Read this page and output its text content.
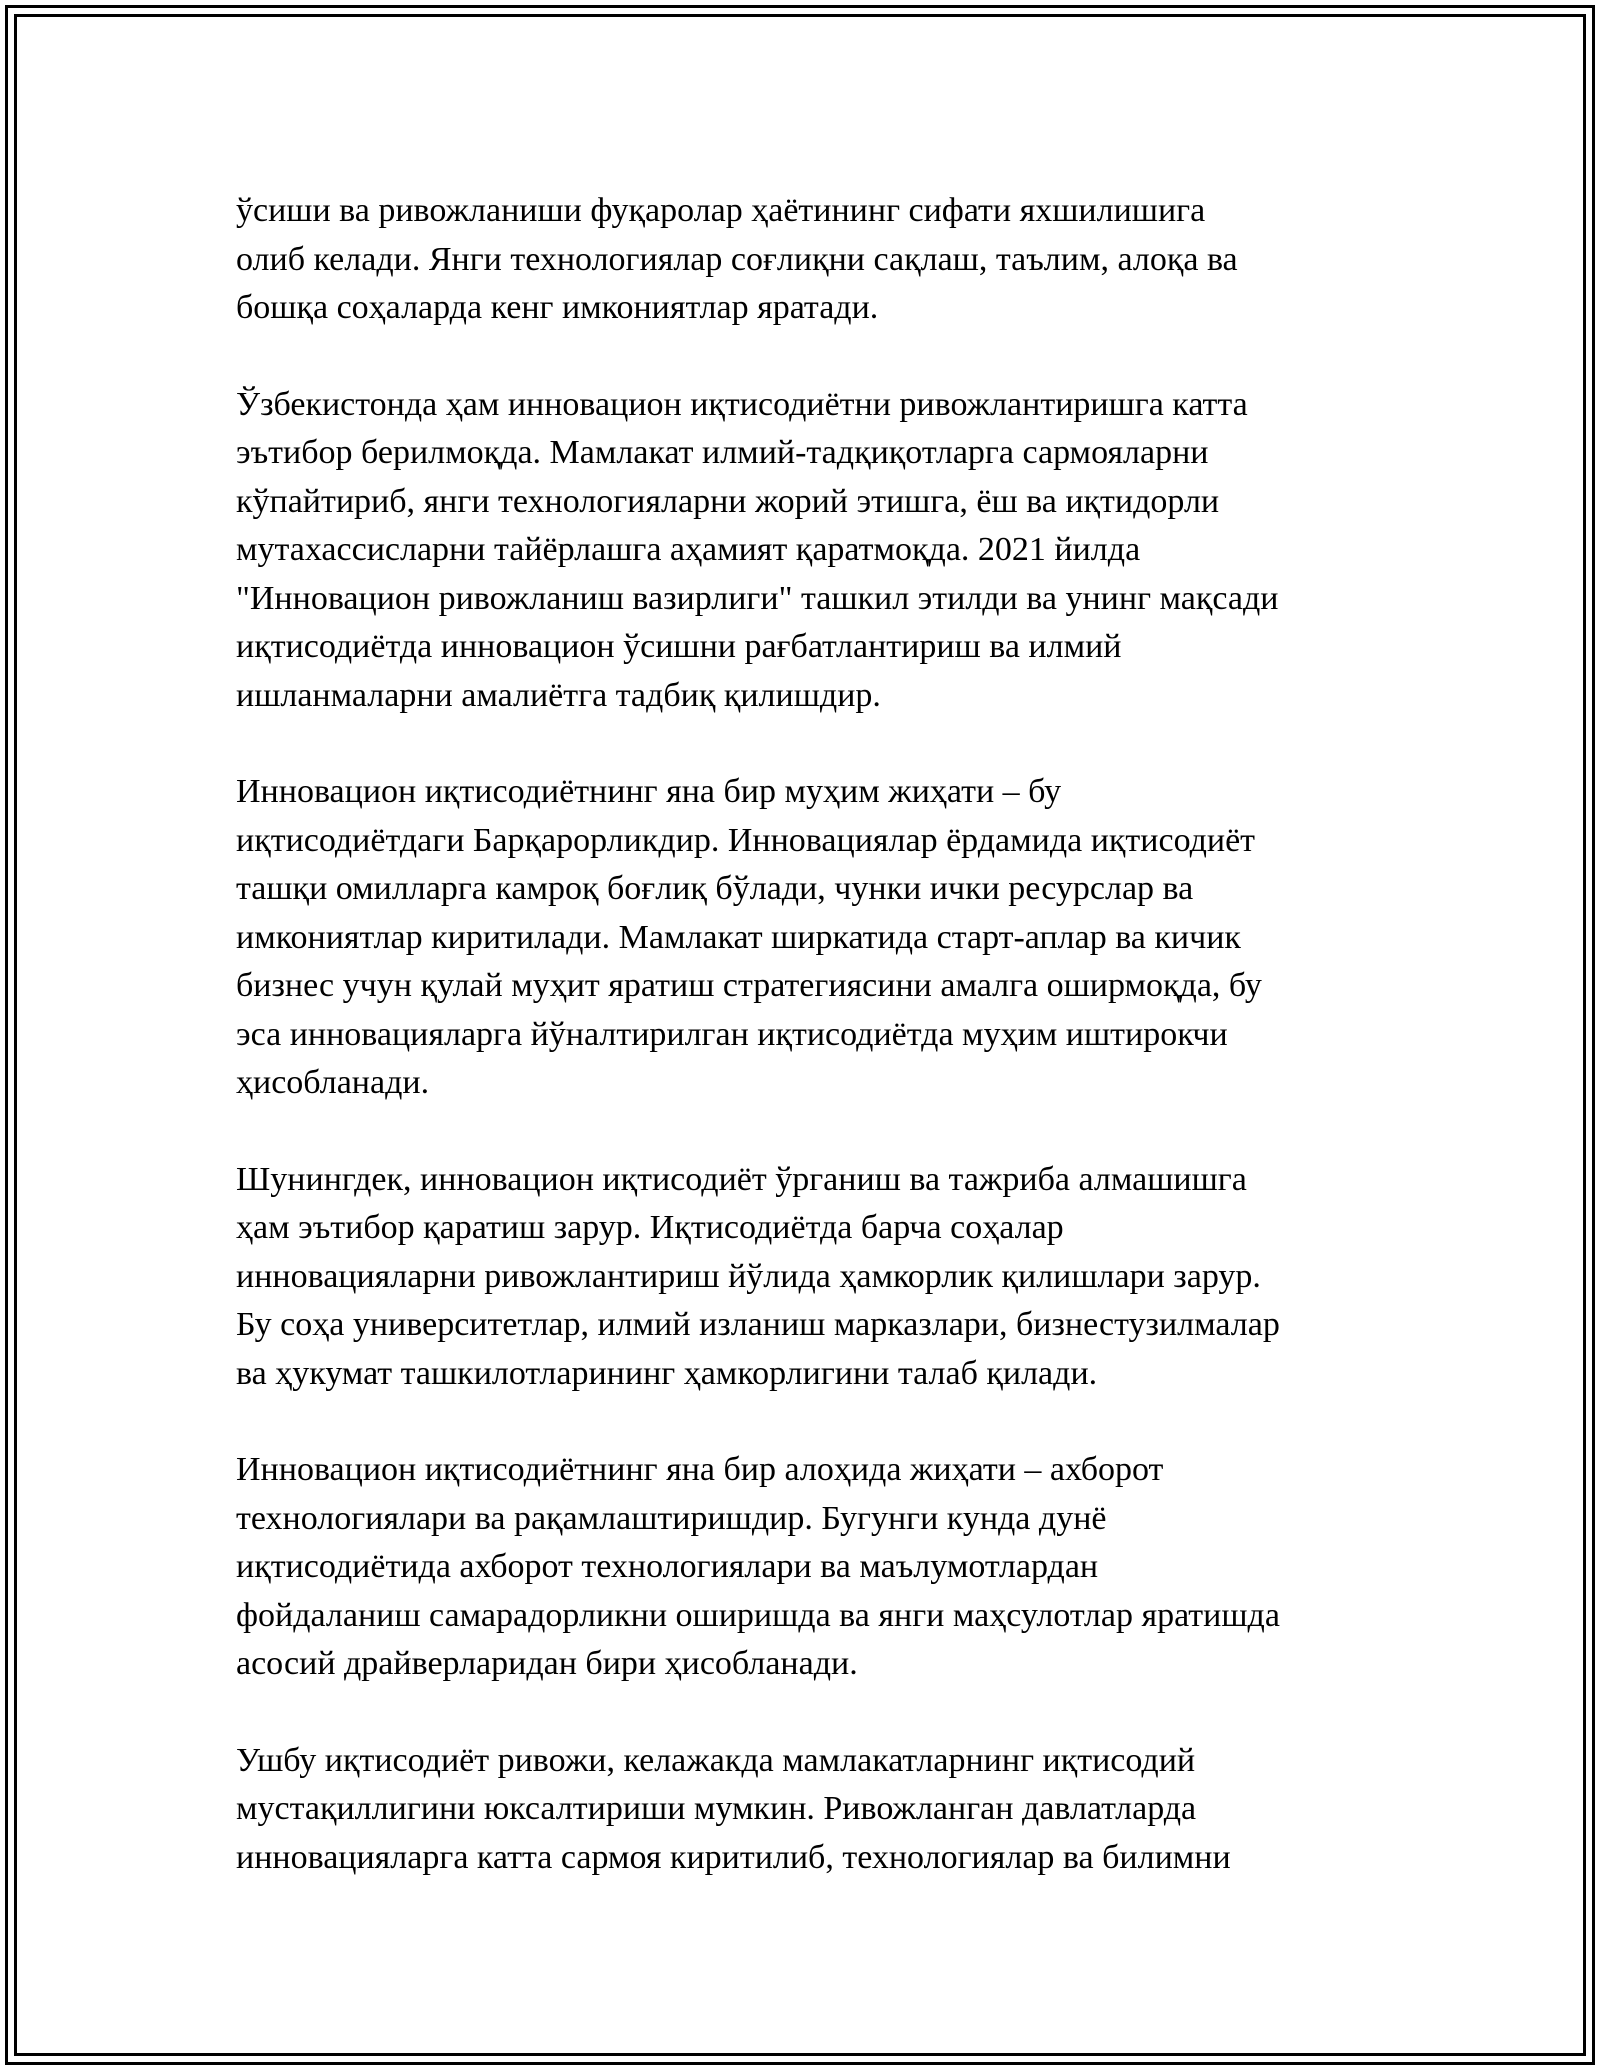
ўсиши ва ривожланиши фуқаролар ҳаётининг сифати яхшилишига
олиб келади. Янги технологиялар соғлиқни сақлаш, таълим, алоқа ва
бошқа соҳаларда кенг имкониятлар яратади.

Ўзбекистонда ҳам инновацион иқтисодиётни ривожлантиришга катта
эътибор берилмоқда. Мамлакат илмий-тадқиқотларга сармояларни
кўпайтириб, янги технологияларни жорий этишга, ёш ва иқтидорли
мутахассисларни тайёрлашга аҳамият қаратмоқда. 2021 йилда
"Инновацион ривожланиш вазирлиги" ташкил этилди ва унинг мақсади
иқтисодиётда инновацион ўсишни рағбатлантириш ва илмий
ишланмаларни амалиётга тадбиқ қилишдир.

Инновацион иқтисодиётнинг яна бир муҳим жиҳати – бу
иқтисодиётдаги Барқарорликдир. Инновациялар ёрдамида иқтисодиёт
ташқи омилларга камроқ боғлиқ бўлади, чунки ички ресурслар ва
имкониятлар киритилади. Мамлакат ширкатида старт-аплар ва кичик
бизнес учун қулай муҳит яратиш стратегиясини амалга оширмоқда, бу
эса инновацияларга йўналтирилган иқтисодиётда муҳим иштирокчи
ҳисобланади.

Шунингдек, инновацион иқтисодиёт ўрганиш ва тажриба алмашишга
ҳам эътибор қаратиш зарур. Иқтисодиётда барча соҳалар
инновацияларни ривожлантириш йўлида ҳамкорлик қилишлари зарур.
Бу соҳа университетлар, илмий изланиш марказлари, бизнестузилмалар
ва ҳукумат ташкилотларининг ҳамкорлигини талаб қилади.

Инновацион иқтисодиётнинг яна бир алоҳида жиҳати – ахборот
технологиялари ва рақамлаштиришдир. Бугунги кунда дунё
иқтисодиётида ахборот технологиялари ва маълумотлардан
фойдаланиш самарадорликни оширишда ва янги маҳсулотлар яратишда
асосий драйверларидан бири ҳисобланади.

Ушбу иқтисодиёт ривожи, келажакда мамлакатларнинг иқтисодий
мустақиллигини юксалтириши мумкин. Ривожланган давлатларда
инновацияларга катта сармоя киритилиб, технологиялар ва билимни
